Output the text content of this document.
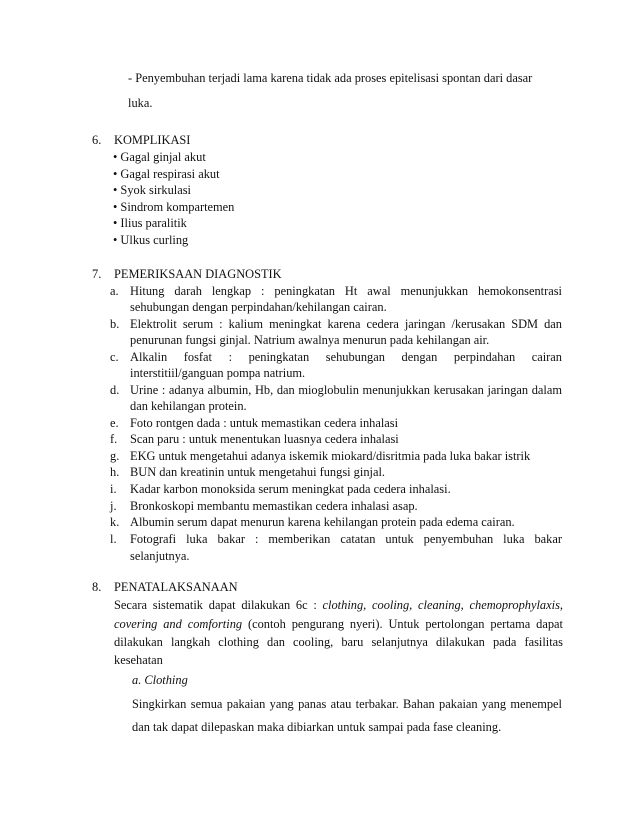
- Penyembuhan terjadi lama karena tidak ada proses epitelisasi spontan dari dasar
luka.
6. KOMPLIKASI
• Gagal ginjal akut
• Gagal respirasi akut
• Syok sirkulasi
• Sindrom kompartemen
• Ilius paralitik
• Ulkus curling
7. PEMERIKSAAN DIAGNOSTIK
a. Hitung darah lengkap : peningkatan Ht awal menunjukkan hemokonsentrasi
sehubungan dengan perpindahan/kehilangan cairan.
b. Elektrolit serum : kalium meningkat karena cedera jaringan /kerusakan SDM dan
penurunan fungsi ginjal. Natrium awalnya menurun pada kehilangan air.
c. Alkalin fosfat : peningkatan sehubungan dengan perpindahan cairan
interstitiil/ganguan pompa natrium.
d. Urine : adanya albumin, Hb, dan mioglobulin menunjukkan kerusakan jaringan dalam
dan kehilangan protein.
e. Foto rontgen dada : untuk memastikan cedera inhalasi
f. Scan paru : untuk menentukan luasnya cedera inhalasi
g. EKG untuk mengetahui adanya iskemik miokard/disritmia pada luka bakar istrik
h. BUN dan kreatinin untuk mengetahui fungsi ginjal.
i. Kadar karbon monoksida serum meningkat pada cedera inhalasi.
j. Bronkoskopi membantu memastikan cedera inhalasi asap.
k. Albumin serum dapat menurun karena kehilangan protein pada edema cairan.
l. Fotografi luka bakar : memberikan catatan untuk penyembuhan luka bakar
selanjutnya.
8. PENATALAKSANAAN
Secara sistematik dapat dilakukan 6c : clothing, cooling, cleaning, chemoprophylaxis,
covering and comforting (contoh pengurang nyeri). Untuk pertolongan pertama dapat
dilakukan langkah clothing dan cooling, baru selanjutnya dilakukan pada fasilitas
kesehatan
a. Clothing
Singkirkan semua pakaian yang panas atau terbakar. Bahan pakaian yang menempel
dan tak dapat dilepaskan maka dibiarkan untuk sampai pada fase cleaning.
